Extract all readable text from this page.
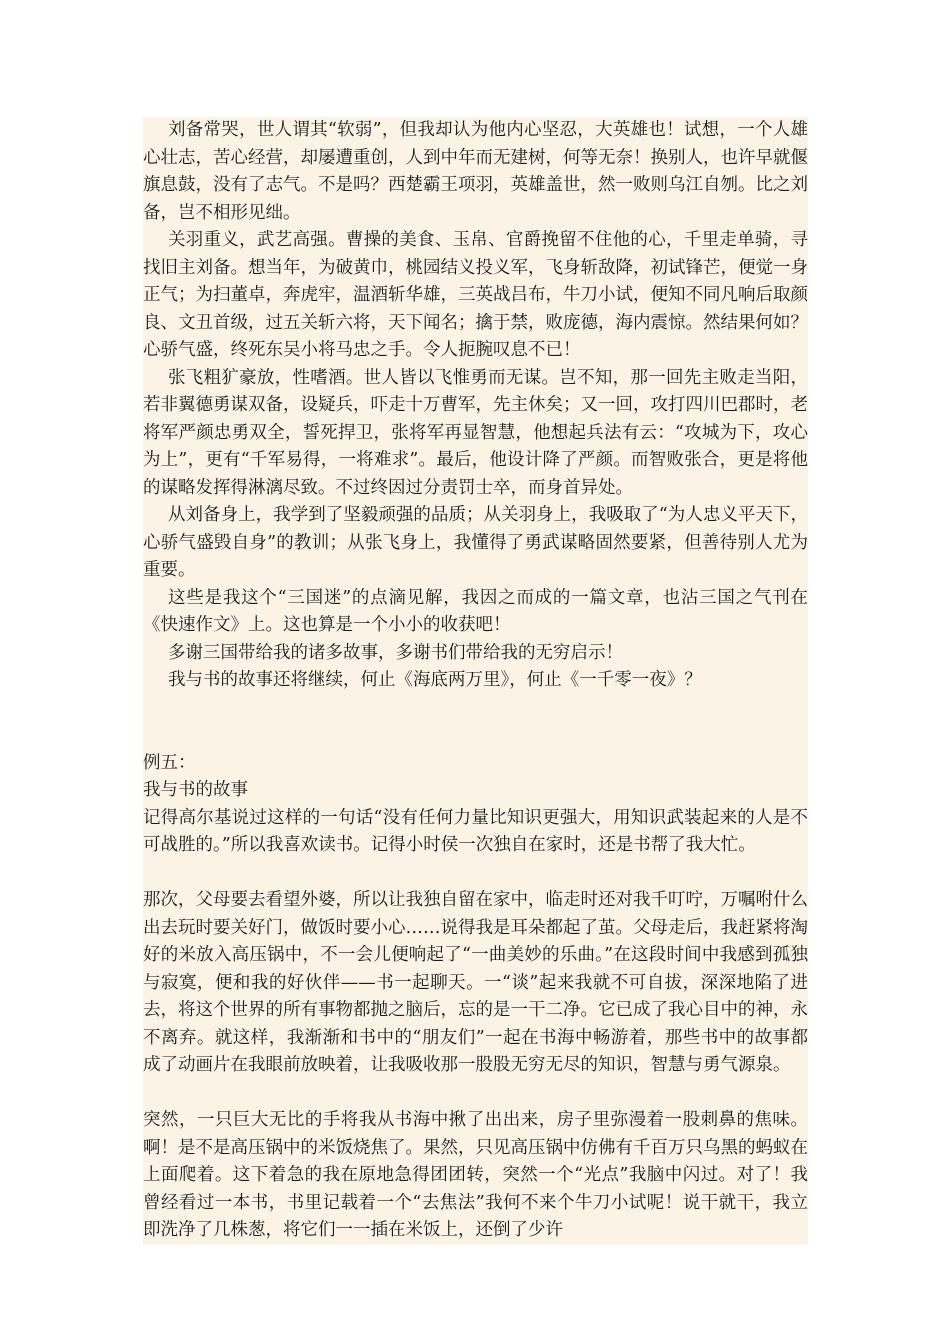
刘备常哭，世人谓其“软弱”，但我却认为他内心坚忍，大英雄也！试想，一个人雄心壮志，苦心经营，却屡遭重创，人到中年而无建树，何等无奈！换别人，也许早就偃旗息鼓，没有了志气。不是吗？西楚霸王项羽，英雄盖世，然一败则乌江自刎。比之刘备，岂不相形见绌。

关羽重义，武艺高强。曹操的美食、玉帛、官爵挽留不住他的心，千里走单骑，寻找旧主刘备。想当年，为破黄巾，桃园结义投义军，飞身斩敌降，初试锋芒，便觉一身正气；为扫董卓，奔虎牢，温酒斩华雄，三英战吕布，牛刀小试，便知不同凡响后取颜良、文丑首级，过五关斩六将，天下闻名；擒于禁，败庞德，海内震惊。然结果何如？心骄气盛，终死东吴小将马忠之手。令人扼腕叹息不已！

张飞粗犷豪放，性嗜酒。世人皆以飞惟勇而无谋。岂不知，那一回先主败走当阳，若非翼德勇谋双备，设疑兵，吓走十万曹军，先主休矣；又一回，攻打四川巴郡时，老将军严颜忠勇双全，誓死捍卫，张将军再显智慧，他想起兵法有云：“攻城为下，攻心为上”，更有“千军易得，一将难求”。最后，他设计降了严颜。而智败张合，更是将他的谋略发挥得淋漓尽致。不过终因过分责罚士卒，而身首异处。

从刘备身上，我学到了坚毅顽强的品质；从关羽身上，我吸取了“为人忠义平天下，心骄气盛毁自身”的教训；从张飞身上，我懂得了勇武谋略固然要紧，但善待别人尤为重要。

这些是我这个“三国迷”的点滴见解，我因之而成的一篇文章，也沾三国之气刊在《快速作文》上。这也算是一个小小的收获吧！

多谢三国带给我的诸多故事，多谢书们带给我的无穷启示！

我与书的故事还将继续，何止《海底两万里》，何止《一千零一夜》？

例五：

我与书的故事

记得高尔基说过这样的一句话“没有任何力量比知识更强大，用知识武装起来的人是不可战胜的。”所以我喜欢读书。记得小时侯一次独自在家时，还是书帮了我大忙。

那次，父母要去看望外婆，所以让我独自留在家中，临走时还对我千叮咛，万嘱咐什么出去玩时要关好门，做饭时要小心……说得我是耳朵都起了茧。父母走后，我赶紧将淘好的米放入高压锅中，不一会儿便响起了“一曲美妙的乐曲。”在这段时间中我感到孤独与寂寞，便和我的好伙伴——书一起聊天。一“谈”起来我就不可自拔，深深地陷了进去，将这个世界的所有事物都抛之脑后，忘的是一干二净。它已成了我心目中的神，永不离弃。就这样，我渐渐和书中的“朋友们”一起在书海中畅游着，那些书中的故事都成了动画片在我眼前放映着，让我吸收那一股股无穷无尽的知识，智慧与勇气源泉。

突然，一只巨大无比的手将我从书海中揪了出出来，房子里弥漫着一股刺鼻的焦味。啊！是不是高压锅中的米饭烧焦了。果然，只见高压锅中仿佛有千百万只乌黑的蚂蚁在上面爬着。这下着急的我在原地急得团团转，突然一个“光点”我脑中闪过。对了！我曾经看过一本书，书里记载着一个“去焦法”我何不来个牛刀小试呢！说干就干，我立即洗净了几株葱，将它们一一插在米饭上，还倒了少许
